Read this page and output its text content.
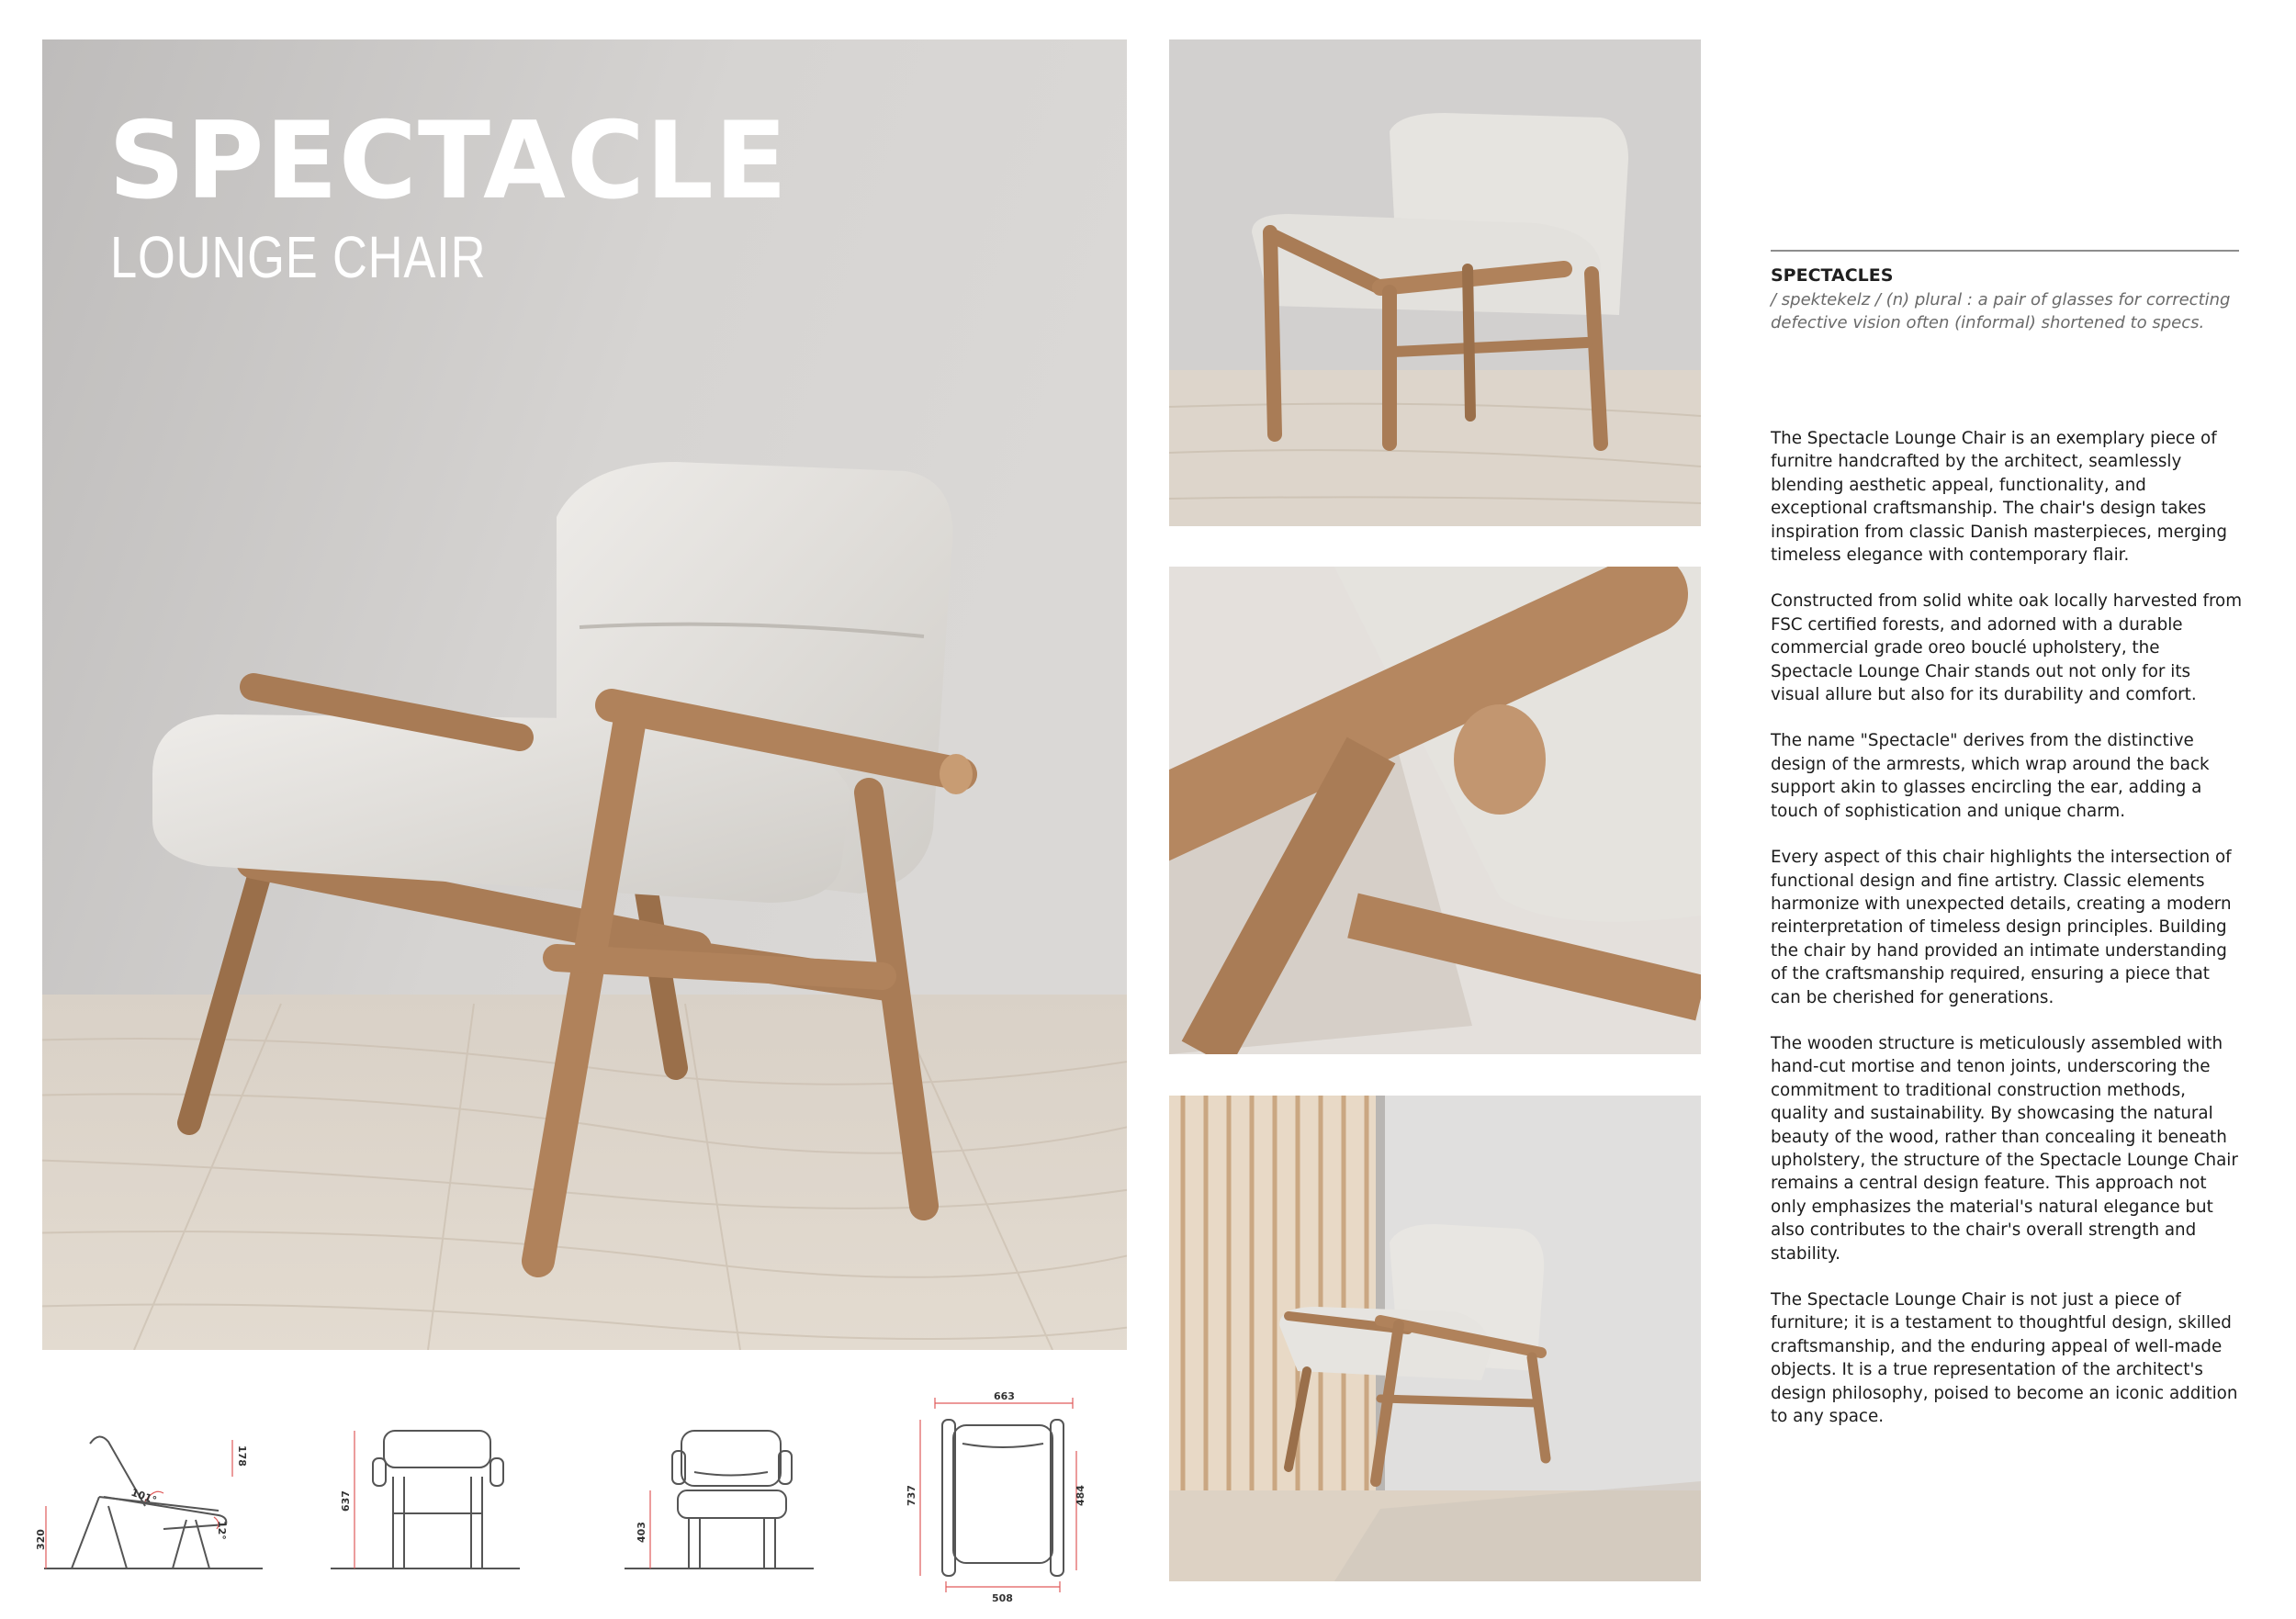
SPECTACLE
LOUNGE CHAIR	SPECTACLES
/ spektekelz / (n) plural : a pair of glasses for correcting defective vision often (informal) shortened to specs.

The Spectacle Lounge Chair is an exemplary piece of furnitre handcrafted by the architect, seamlessly blending aesthetic appeal, functionality, and exceptional craftsmanship. The chair's design takes inspiration from classic Danish masterpieces, merging timeless elegance with contemporary flair.

Constructed from solid white oak locally harvested from FSC certified forests, and adorned with a durable commercial grade oreo bouclé upholstery, the Spectacle Lounge Chair stands out not only for its visual allure but also for its durability and comfort.

The name "Spectacle" derives from the distinctive design of the armrests, which wrap around the back support akin to glasses encircling the ear, adding a touch of sophistication and unique charm.

Every aspect of this chair highlights the intersection of functional design and fine artistry. Classic elements harmonize with unexpected details, creating a modern reinterpretation of timeless design principles. Building the chair by hand provided an intimate understanding of the craftsmanship required, ensuring a piece that can be cherished for generations.

The wooden structure is meticulously assembled with hand-cut mortise and tenon joints, underscoring the commitment to traditional construction methods, quality and sustainability. By showcasing the natural beauty of the wood, rather than concealing it beneath upholstery, the structure of the Spectacle Lounge Chair remains a central design feature. This approach not only emphasizes the material's natural elegance but also contributes to the chair's overall strength and stability.

The Spectacle Lounge Chair is not just a piece of furniture; it is a testament to thoughtful design, skilled craftsmanship, and the enduring appeal of well-made objects. It is a true representation of the architect's design philosophy, poised to become an iconic addition to any space.

320
101°
178
12°
637
403
663
737	484
508
